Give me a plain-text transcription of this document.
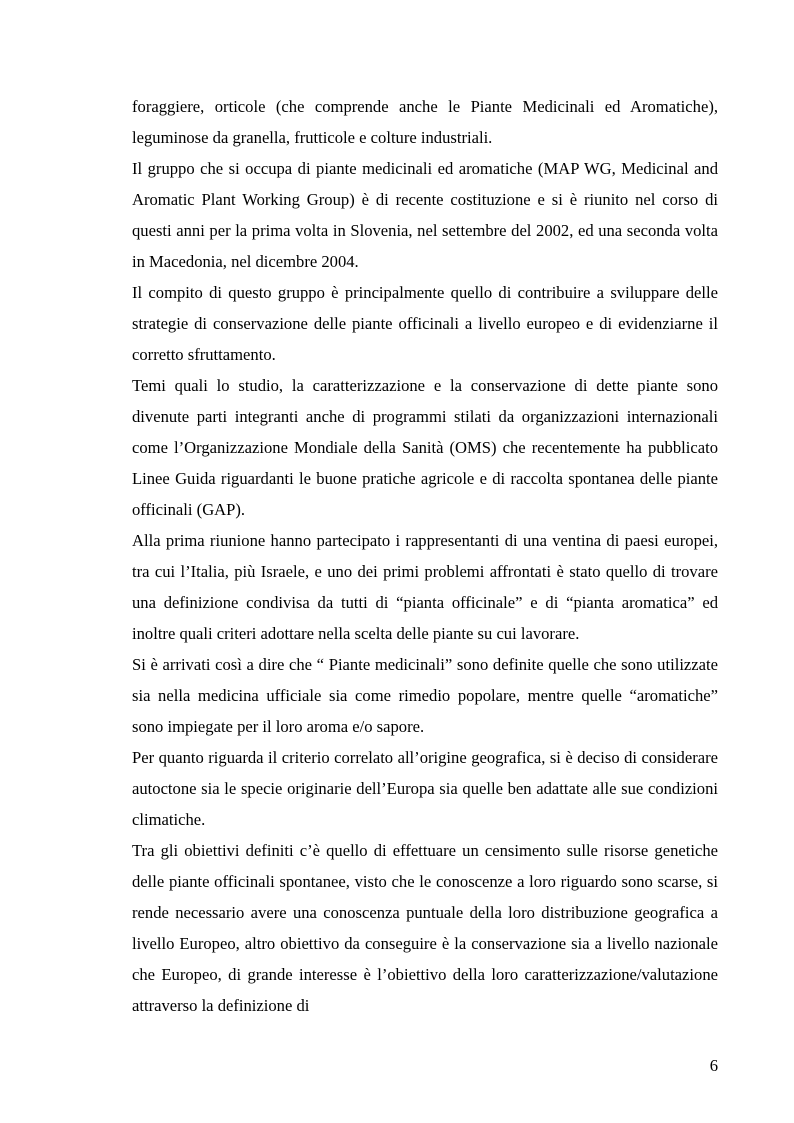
foraggiere, orticole (che comprende anche le Piante Medicinali ed Aromatiche), leguminose da granella, frutticole e colture industriali.

Il gruppo che si occupa di piante medicinali ed aromatiche (MAP WG, Medicinal and Aromatic Plant Working Group) è di recente costituzione e si è riunito nel corso di questi anni per la prima volta in Slovenia, nel settembre del 2002, ed una seconda volta in Macedonia, nel dicembre 2004.

Il compito di questo gruppo è principalmente quello di contribuire a sviluppare delle strategie di conservazione delle piante officinali a livello europeo e di evidenziarne il corretto sfruttamento.

Temi quali lo studio, la caratterizzazione e la conservazione di dette piante sono divenute parti integranti anche di programmi stilati da organizzazioni internazionali come l’Organizzazione Mondiale della Sanità (OMS) che recentemente ha pubblicato Linee Guida riguardanti le buone pratiche agricole e di raccolta spontanea delle piante officinali (GAP).

Alla prima riunione hanno partecipato i rappresentanti di una ventina di paesi europei, tra cui l’Italia, più Israele, e uno dei primi problemi affrontati è stato quello di trovare una definizione condivisa da tutti di “pianta officinale” e di “pianta aromatica” ed inoltre quali criteri adottare nella scelta delle piante su cui lavorare.

Si è arrivati così a dire che “ Piante medicinali” sono definite quelle che sono utilizzate sia nella medicina ufficiale sia come rimedio popolare, mentre quelle “aromatiche” sono impiegate per il loro aroma e/o sapore.

Per quanto riguarda il criterio correlato all’origine geografica, si è deciso di considerare autoctone sia le specie originarie dell’Europa sia quelle ben adattate alle sue condizioni climatiche.

Tra gli obiettivi definiti c’è quello di effettuare un censimento sulle risorse genetiche delle piante officinali spontanee, visto che le conoscenze a loro riguardo sono scarse, si rende necessario avere una conoscenza puntuale della loro distribuzione geografica a livello Europeo, altro obiettivo da conseguire è la conservazione sia a livello nazionale che Europeo, di grande interesse è l’obiettivo della loro caratterizzazione/valutazione attraverso la definizione di

6
